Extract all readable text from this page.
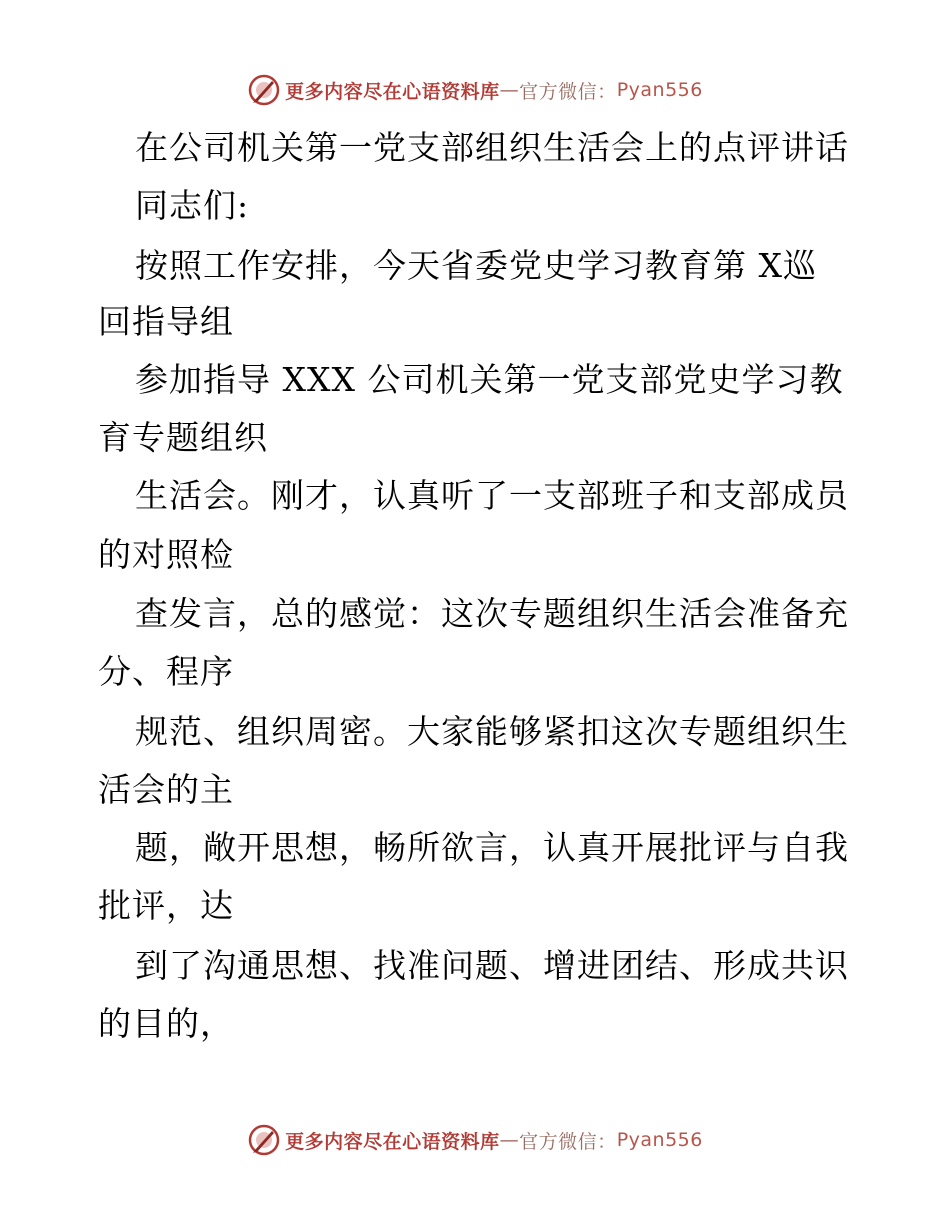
更多内容尽在心语资料库 — 官方微信： Pyan556
在公司机关第一党支部组织生活会上的点评讲话
同志们:
按照工作安排，今天省委党史学习教育第 X巡
回指导组
参加指导 XXX 公司机关第一党支部党史学习教
育专题组织
生活会。刚才，认真听了一支部班子和支部成员
的对照检
查发言，总的感觉：这次专题组织生活会准备充
分、程序
规范、组织周密。大家能够紧扣这次专题组织生
活会的主
题，敞开思想，畅所欲言，认真开展批评与自我
批评，达
到了沟通思想、找准问题、增进团结、形成共识
的目的，
更多内容尽在心语资料库 — 官方微信： Pyan556
